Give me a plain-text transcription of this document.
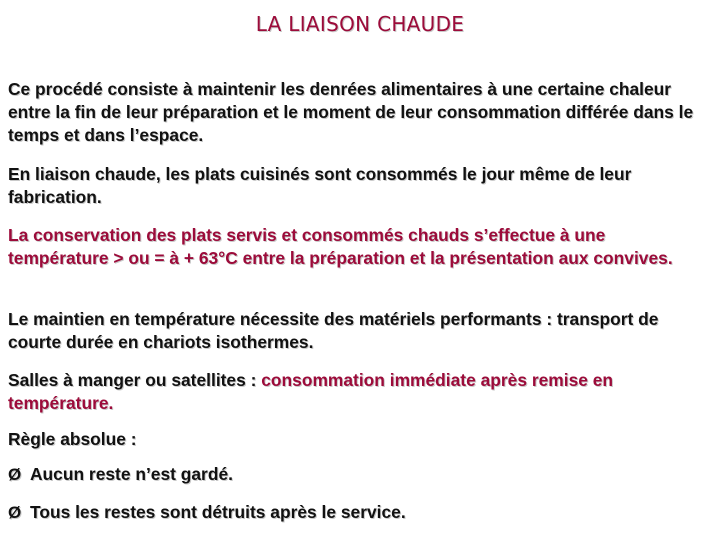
LA LIAISON CHAUDE

Ce procédé consiste à maintenir les denrées alimentaires à une certaine chaleur entre la fin de leur préparation et le moment de leur consommation différée dans le temps et dans l’espace.

En liaison chaude, les plats cuisinés sont consommés le jour même de leur fabrication.

La conservation des plats servis et consommés chauds s’effectue à une température > ou = à + 63°C entre la préparation et la présentation aux convives.

Le maintien en température nécessite des matériels performants : transport de courte durée en chariots isothermes.

Salles à manger ou satellites : consommation immédiate après remise en température.

Règle absolue :

Ø Aucun reste n’est gardé.
Ø Tous les restes sont détruits après le service.
